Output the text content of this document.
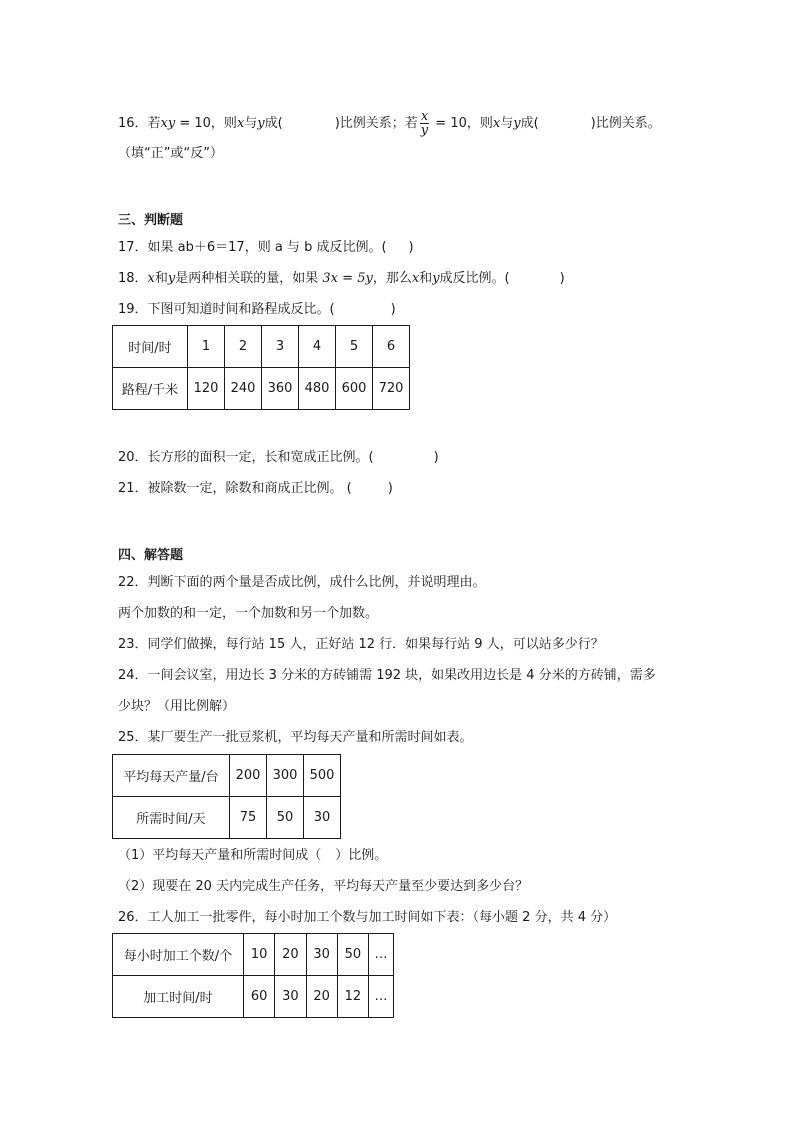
16．若xy = 10，则x与y成(	)比例关系；若 $\frac{x}{y} = 10$，则x与y成(	)比例关系。
（填“正”或“反”）
三、判断题
17．如果 ab＋6＝17，则 a 与 b 成反比例。( )
18．x和y是两种相关联的量，如果 3x = 5y，那么x和y成反比例。(	)
19．下图可知道时间和路程成反比。(	)
时间/时	1	2	3	4	5	6
路程/千米	120	240	360	480	600	720
20．长方形的面积一定，长和宽成正比例。(	)
21．被除数一定，除数和商成正比例。 (	)
四、解答题
22．判断下面的两个量是否成比例，成什么比例，并说明理由。
两个加数的和一定，一个加数和另一个加数。
23．同学们做操，每行站 15 人，正好站 12 行．如果每行站 9 人，可以站多少行？
24．一间会议室，用边长 3 分米的方砖铺需 192 块，如果改用边长是 4 分米的方砖铺，需多
少块？（用比例解）
25．某厂要生产一批豆浆机，平均每天产量和所需时间如表。
平均每天产量/台	200	300	500
所需时间/天	75	50	30
（1）平均每天产量和所需时间成（ ）比例。
（2）现要在 20 天内完成生产任务，平均每天产量至少要达到多少台？
26．工人加工一批零件，每小时加工个数与加工时间如下表：（每小题 2 分，共 4 分）
每小时加工个数/个	10	20	30	50	…
加工时间/时	60	30	20	12	…
